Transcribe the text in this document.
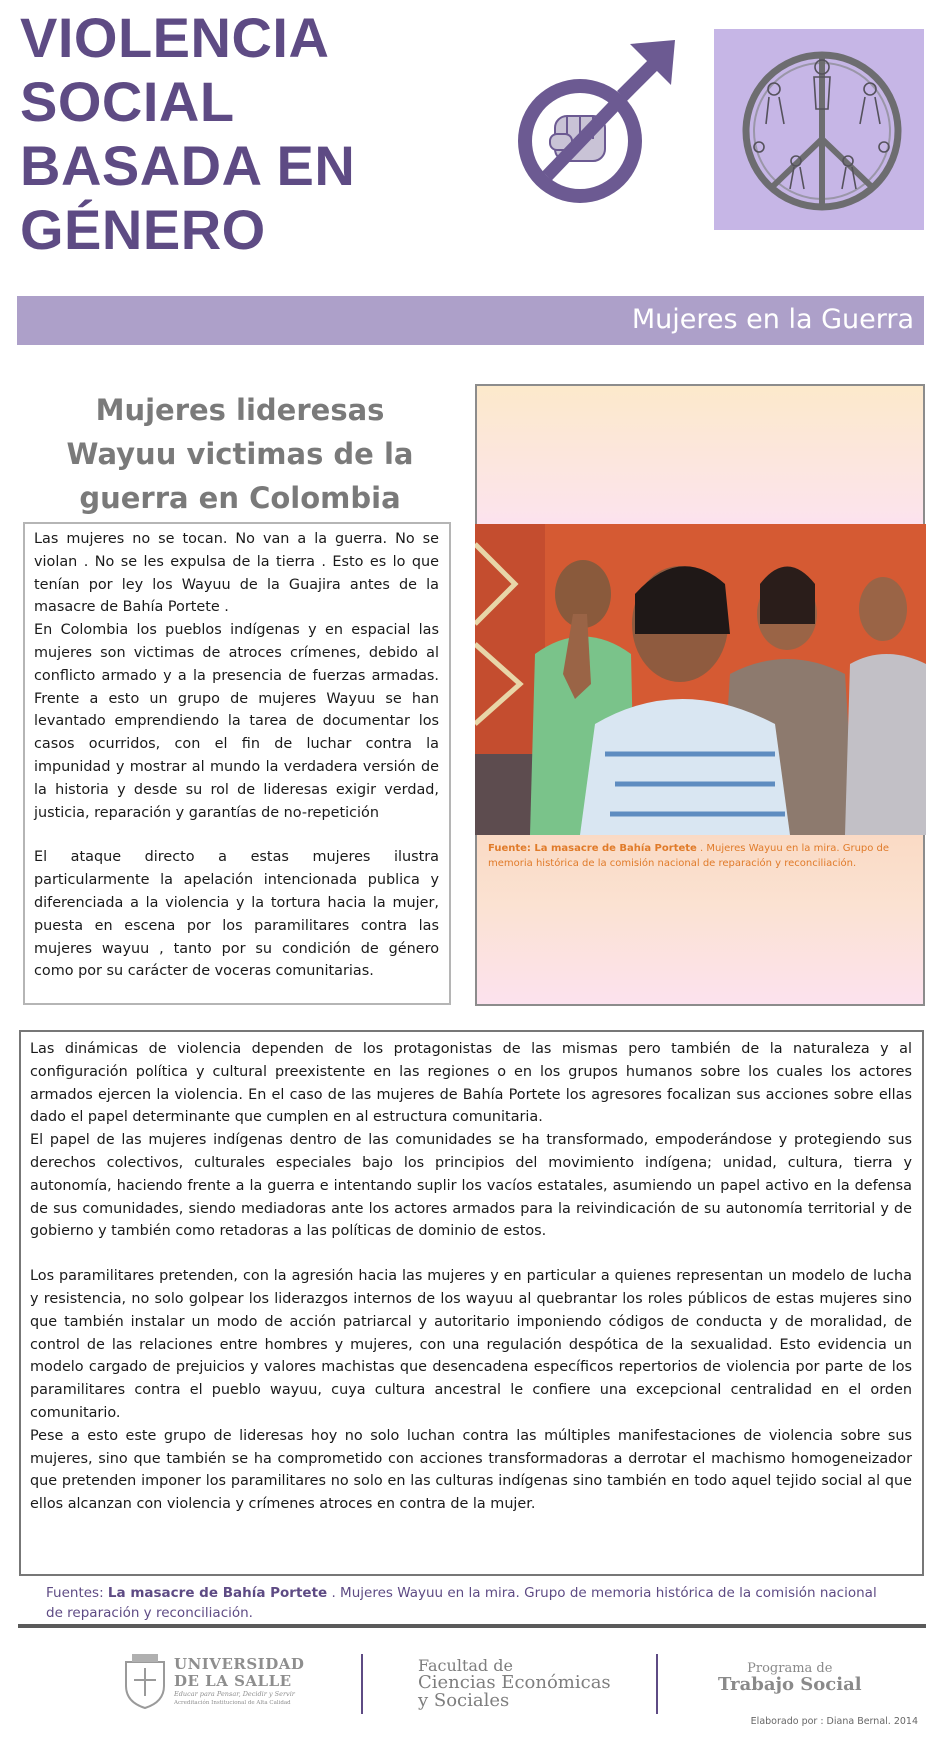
VIOLENCIA
SOCIAL
BASADA EN
GÉNERO
Mujeres en la Guerra
Mujeres lideresas Wayuu victimas de la guerra en Colombia

Las mujeres no se tocan. No van a la guerra. No se violan . No se les expulsa de la tierra . Esto es lo que tenían por ley los Wayuu de la Guajira antes de la masacre de Bahía Portete .

En Colombia los pueblos indígenas y en espacial las mujeres son victimas de atroces crímenes, debido al conflicto armado y a la presencia de fuerzas armadas. Frente a esto un grupo de mujeres Wayuu se han levantado emprendiendo la tarea de documentar los casos ocurridos, con el fin de luchar contra la impunidad y mostrar al mundo la verdadera versión de la historia y desde su rol de lideresas exigir verdad, justicia, reparación y garantías de no-repetición

El ataque directo a estas mujeres ilustra particularmente la apelación intencionada publica y diferenciada a la violencia y la tortura hacia la mujer, puesta en escena por los paramilitares contra las mujeres wayuu , tanto por su condición de género como por su carácter de voceras comunitarias.

Fuente: La masacre de Bahía Portete . Mujeres Wayuu en la mira. Grupo de memoria histórica de la comisión nacional de reparación y reconciliación.

Las dinámicas de violencia dependen de los protagonistas de las mismas pero también de la naturaleza y al configuración política y cultural preexistente en las regiones o en los grupos humanos sobre los cuales los actores armados ejercen la violencia. En el caso de las mujeres de Bahía Portete los agresores focalizan sus acciones sobre ellas dado el papel determinante que cumplen en al estructura comunitaria.

El papel de las mujeres indígenas dentro de las comunidades se ha transformado, empoderándose y protegiendo sus derechos colectivos, culturales especiales bajo los principios del movimiento indígena; unidad, cultura, tierra y autonomía, haciendo frente a la guerra e intentando suplir los vacíos estatales, asumiendo un papel activo en la defensa de sus comunidades, siendo mediadoras ante los actores armados para la reivindicación de su autonomía territorial y de gobierno y también como retadoras a las políticas de dominio de estos.

Los paramilitares pretenden, con la agresión hacia las mujeres y en particular a quienes representan un modelo de lucha y resistencia, no solo golpear los liderazgos internos de los wayuu al quebrantar los roles públicos de estas mujeres sino que también instalar un modo de acción patriarcal y autoritario imponiendo códigos de conducta y de moralidad, de control de las relaciones entre hombres y mujeres, con una regulación despótica de la sexualidad. Esto evidencia un modelo cargado de prejuicios y valores machistas que desencadena específicos repertorios de violencia por parte de los paramilitares contra el pueblo wayuu, cuya cultura ancestral le confiere una excepcional centralidad en el orden comunitario.

Pese a esto este grupo de lideresas hoy no solo luchan contra las múltiples manifestaciones de violencia sobre sus mujeres, sino que también se ha comprometido con acciones transformadoras a derrotar el machismo homogeneizador que pretenden imponer los paramilitares no solo en las culturas indígenas sino también en todo aquel tejido social al que ellos alcanzan con violencia y crímenes atroces en contra de la mujer.

Fuentes: La masacre de Bahía Portete . Mujeres Wayuu en la mira. Grupo de memoria histórica de la comisión nacional de reparación y reconciliación.
UNIVERSIDAD
DE LA SALLE
Educar para Pensar, Decidir y Servir
Acreditación Institucional de Alta Calidad
Facultad de
Ciencias Económicas
y Sociales
Programa de
Trabajo Social
Elaborado por : Diana Bernal. 2014
